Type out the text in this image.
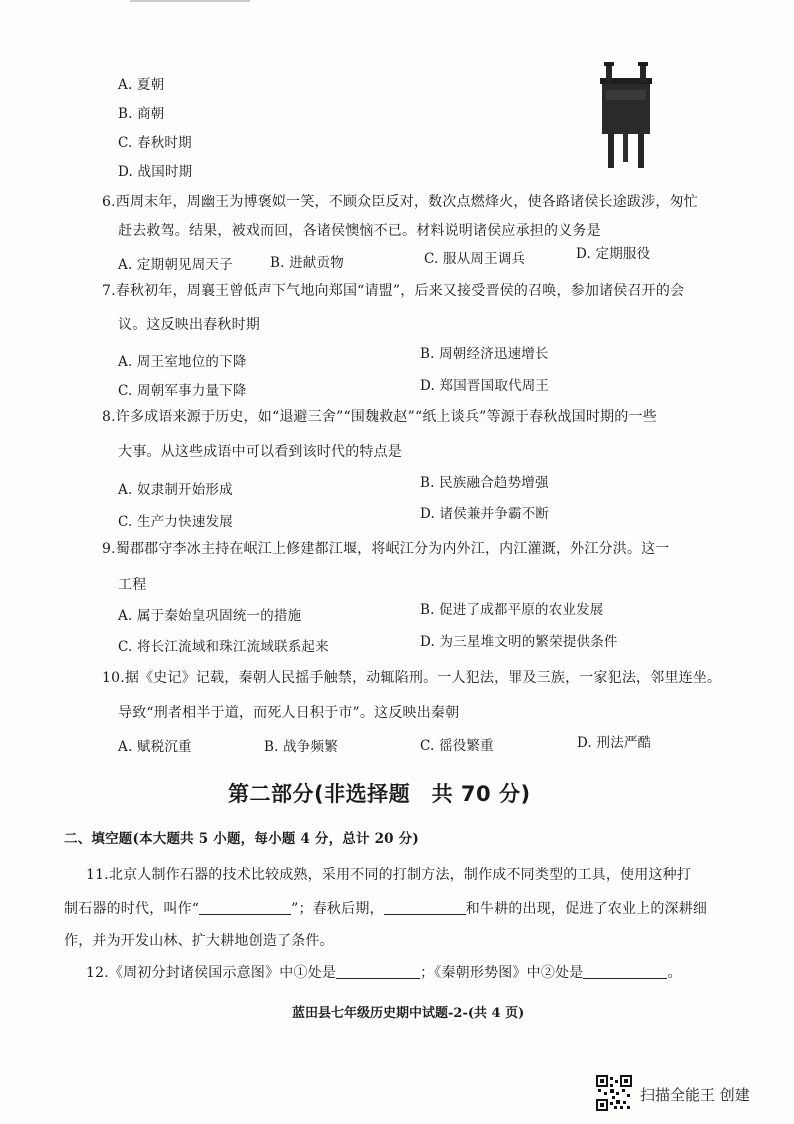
A. 夏朝
B. 商朝
C. 春秋时期
D. 战国时期
6.西周末年，周幽王为博褒姒一笑，不顾众臣反对，数次点燃烽火，使各路诸侯长途跋涉，匆忙
赶去救驾。结果，被戏而回，各诸侯懊恼不已。材料说明诸侯应承担的义务是
A. 定期朝见周天子	B. 进献贡物	C. 服从周王调兵	D. 定期服役
7.春秋初年，周襄王曾低声下气地向郑国“请盟”，后来又接受晋侯的召唤，参加诸侯召开的会
议。这反映出春秋时期
A. 周王室地位的下降	B. 周朝经济迅速增长
C. 周朝军事力量下降	D. 郑国晋国取代周王
8.许多成语来源于历史，如“退避三舍”“围魏救赵”“纸上谈兵”等源于春秋战国时期的一些
大事。从这些成语中可以看到该时代的特点是
A. 奴隶制开始形成	B. 民族融合趋势增强
C. 生产力快速发展	D. 诸侯兼并争霸不断
9.蜀郡郡守李冰主持在岷江上修建都江堰，将岷江分为内外江，内江灌溉，外江分洪。这一
工程
A. 属于秦始皇巩固统一的措施	B. 促进了成都平原的农业发展
C. 将长江流域和珠江流域联系起来	D. 为三星堆文明的繁荣提供条件
10.据《史记》记载，秦朝人民摇手触禁，动辄陷刑。一人犯法，罪及三族，一家犯法，邻里连坐。
导致“刑者相半于道，而死人日积于市”。这反映出秦朝
A. 赋税沉重	B. 战争频繁	C. 徭役繁重	D. 刑法严酷
第二部分(非选择题　共 70 分)
二、填空题(本大题共 5 小题，每小题 4 分，总计 20 分)
11.北京人制作石器的技术比较成熟，采用不同的打制方法，制作成不同类型的工具，使用这种打
制石器的时代，叫作“	”；春秋后期，	和牛耕的出现，促进了农业上的深耕细
作，并为开发山林、扩大耕地创造了条件。
12.《周初分封诸侯国示意图》中①处是	；《秦朝形势图》中②处是	。
蓝田县七年级历史期中试题-2-(共 4 页)
扫描全能王 创建
